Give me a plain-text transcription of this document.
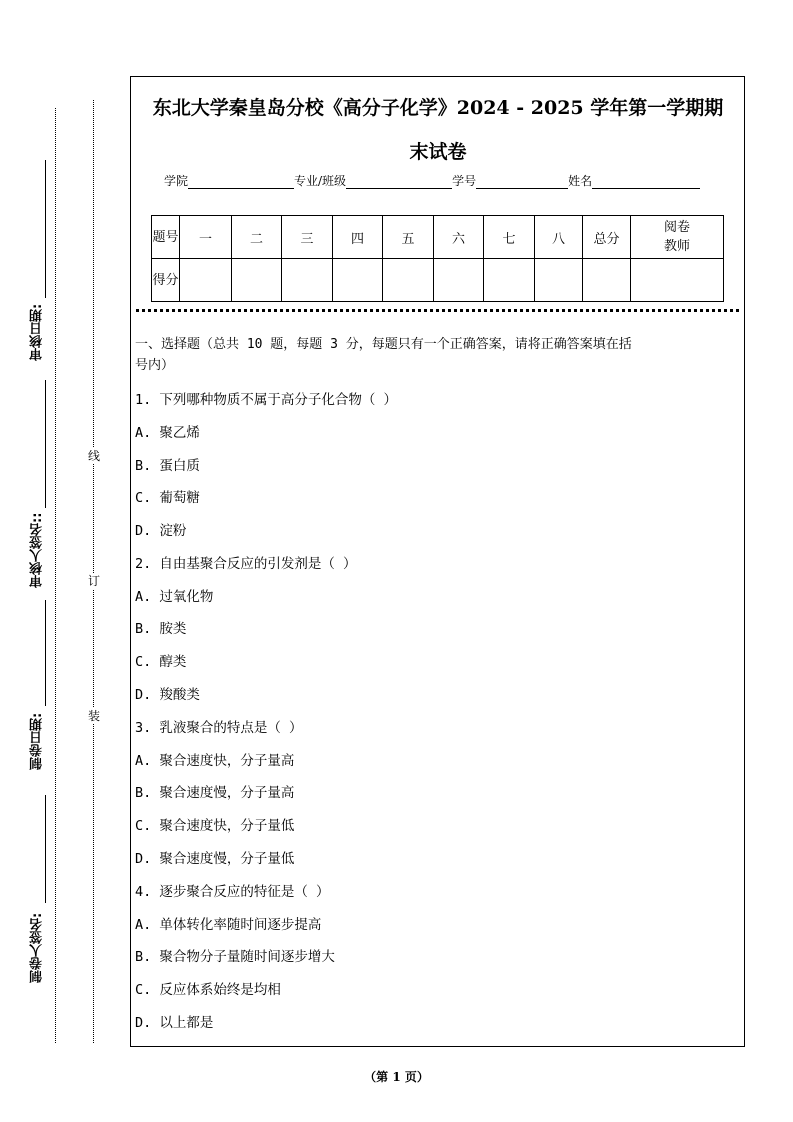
审核日期:
审核人签名::
制卷日期:
制卷人签名:
线
订
装
东北大学秦皇岛分校《高分子化学》2024 - 2025 学年第一学期期
末试卷
学院	专业/班级	学号	姓名
题号	一	二	三	四	五	六	七	八	总分	阅卷教师
得分										
一、选择题（总共 10 题，每题 3 分，每题只有一个正确答案，请将正确答案填在括
号内）
1. 下列哪种物质不属于高分子化合物（ ）
A. 聚乙烯
B. 蛋白质
C. 葡萄糖
D. 淀粉
2. 自由基聚合反应的引发剂是（ ）
A. 过氧化物
B. 胺类
C. 醇类
D. 羧酸类
3. 乳液聚合的特点是（ ）
A. 聚合速度快，分子量高
B. 聚合速度慢，分子量高
C. 聚合速度快，分子量低
D. 聚合速度慢，分子量低
4. 逐步聚合反应的特征是（ ）
A. 单体转化率随时间逐步提高
B. 聚合物分子量随时间逐步增大
C. 反应体系始终是均相
D. 以上都是
（第 1 页）
